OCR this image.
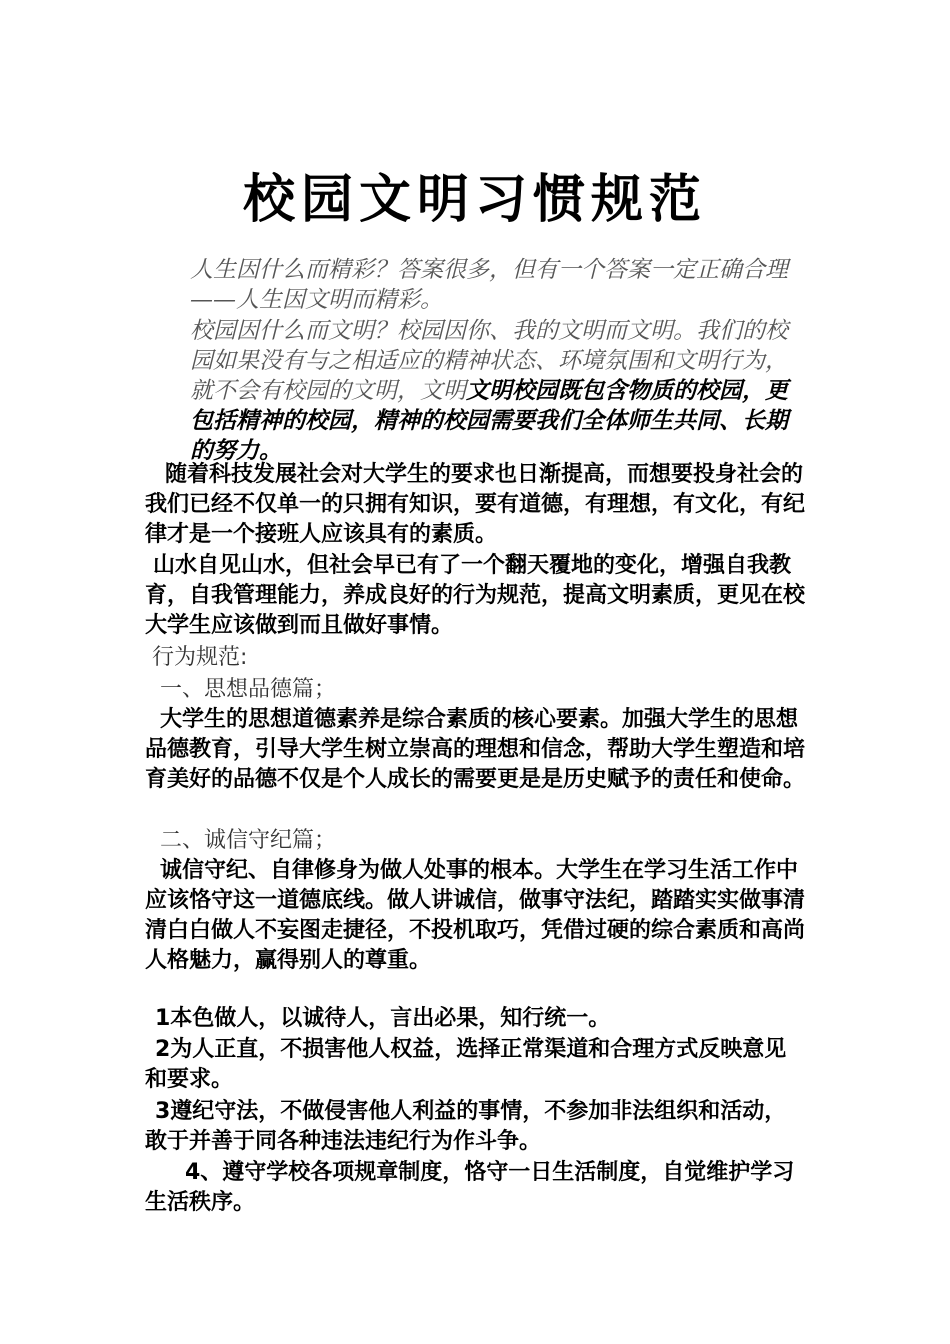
校园文明习惯规范
人生因什么而精彩？答案很多，但有一个答案一定正确合理——人生因文明而精彩。
校园因什么而文明？校园因你、我的文明而文明。我们的校园如果没有与之相适应的精神状态、环境氛围和文明行为，就不会有校园的文明，文明文明校园既包含物质的校园，更包括精神的校园，精神的校园需要我们全体师生共同、长期的努力。
随着科技发展社会对大学生的要求也日渐提高，而想要投身社会的我们已经不仅单一的只拥有知识，要有道德，有理想，有文化，有纪律才是一个接班人应该具有的素质。
山水自见山水，但社会早已有了一个翻天覆地的变化，增强自我教育，自我管理能力，养成良好的行为规范，提高文明素质，更见在校大学生应该做到而且做好事情。
行为规范:
一、思想品德篇；
大学生的思想道德素养是综合素质的核心要素。加强大学生的思想品德教育，引导大学生树立崇高的理想和信念，帮助大学生塑造和培育美好的品德不仅是个人成长的需要更是是历史赋予的责任和使命。
二、诚信守纪篇；
诚信守纪、自律修身为做人处事的根本。大学生在学习生活工作中应该恪守这一道德底线。做人讲诚信，做事守法纪，踏踏实实做事清清白白做人不妄图走捷径，不投机取巧，凭借过硬的综合素质和高尚人格魅力，赢得别人的尊重。
1本色做人，以诚待人，言出必果，知行统一。
2为人正直，不损害他人权益，选择正常渠道和合理方式反映意见和要求。
3遵纪守法，不做侵害他人利益的事情，不参加非法组织和活动，敢于并善于同各种违法违纪行为作斗争。
4、遵守学校各项规章制度，恪守一日生活制度，自觉维护学习生活秩序。
